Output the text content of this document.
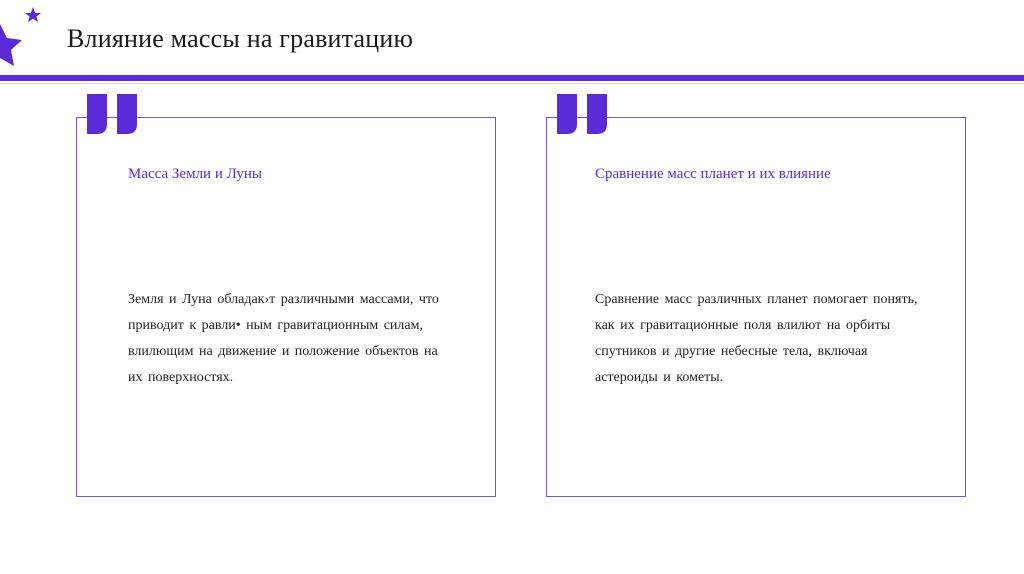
Влияние массы на гравитацию
Масса Земли и Луны
Земля и Луна обладак›т различными массами, что приводит к равли• ным гравитационным силам, влилющим на движение и положение объектов на их поверхностях.
Сравнение масс планет и их влияние
Сравнение масс различных планет помогает понять, как их гравитационные поля влилют на орбиты спутников и другие небесные тела, включая астероиды и кометы.
